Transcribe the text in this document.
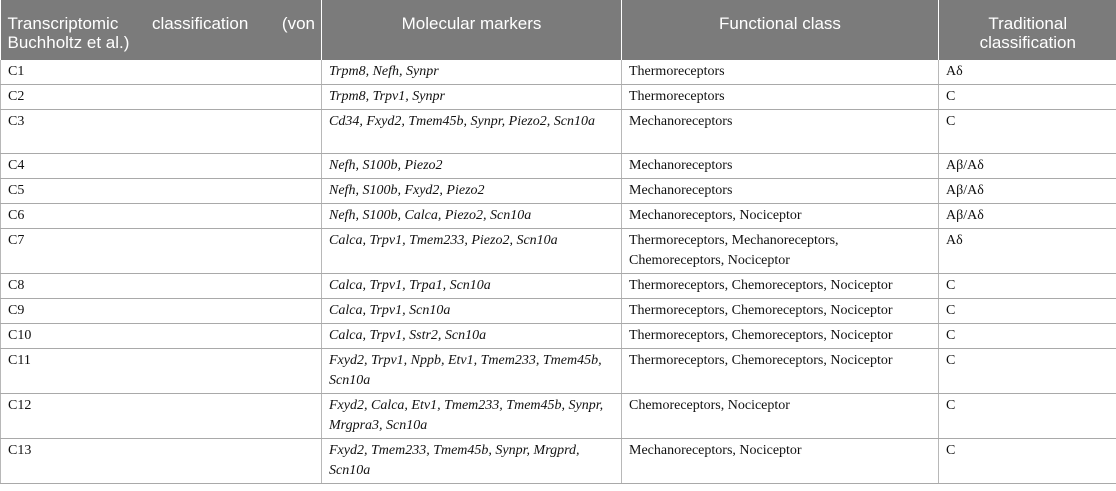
Transcriptomic classification (von Buchholtz et al.)	Molecular markers	Functional class	Traditional classification
C1	Trpm8, Nefh, Synpr	Thermoreceptors	Aδ
C2	Trpm8, Trpv1, Synpr	Thermoreceptors	C
C3	Cd34, Fxyd2, Tmem45b, Synpr, Piezo2, Scn10a	Mechanoreceptors	C
C4	Nefh, S100b, Piezo2	Mechanoreceptors	Aβ/Aδ
C5	Nefh, S100b, Fxyd2, Piezo2	Mechanoreceptors	Aβ/Aδ
C6	Nefh, S100b, Calca, Piezo2, Scn10a	Mechanoreceptors, Nociceptor	Aβ/Aδ
C7	Calca, Trpv1, Tmem233, Piezo2, Scn10a	Thermoreceptors, Mechanoreceptors, Chemoreceptors, Nociceptor	Aδ
C8	Calca, Trpv1, Trpa1, Scn10a	Thermoreceptors, Chemoreceptors, Nociceptor	C
C9	Calca, Trpv1, Scn10a	Thermoreceptors, Chemoreceptors, Nociceptor	C
C10	Calca, Trpv1, Sstr2, Scn10a	Thermoreceptors, Chemoreceptors, Nociceptor	C
C11	Fxyd2, Trpv1, Nppb, Etv1, Tmem233, Tmem45b, Scn10a	Thermoreceptors, Chemoreceptors, Nociceptor	C
C12	Fxyd2, Calca, Etv1, Tmem233, Tmem45b, Synpr, Mrgpra3, Scn10a	Chemoreceptors, Nociceptor	C
C13	Fxyd2, Tmem233, Tmem45b, Synpr, Mrgprd, Scn10a	Mechanoreceptors, Nociceptor	C
